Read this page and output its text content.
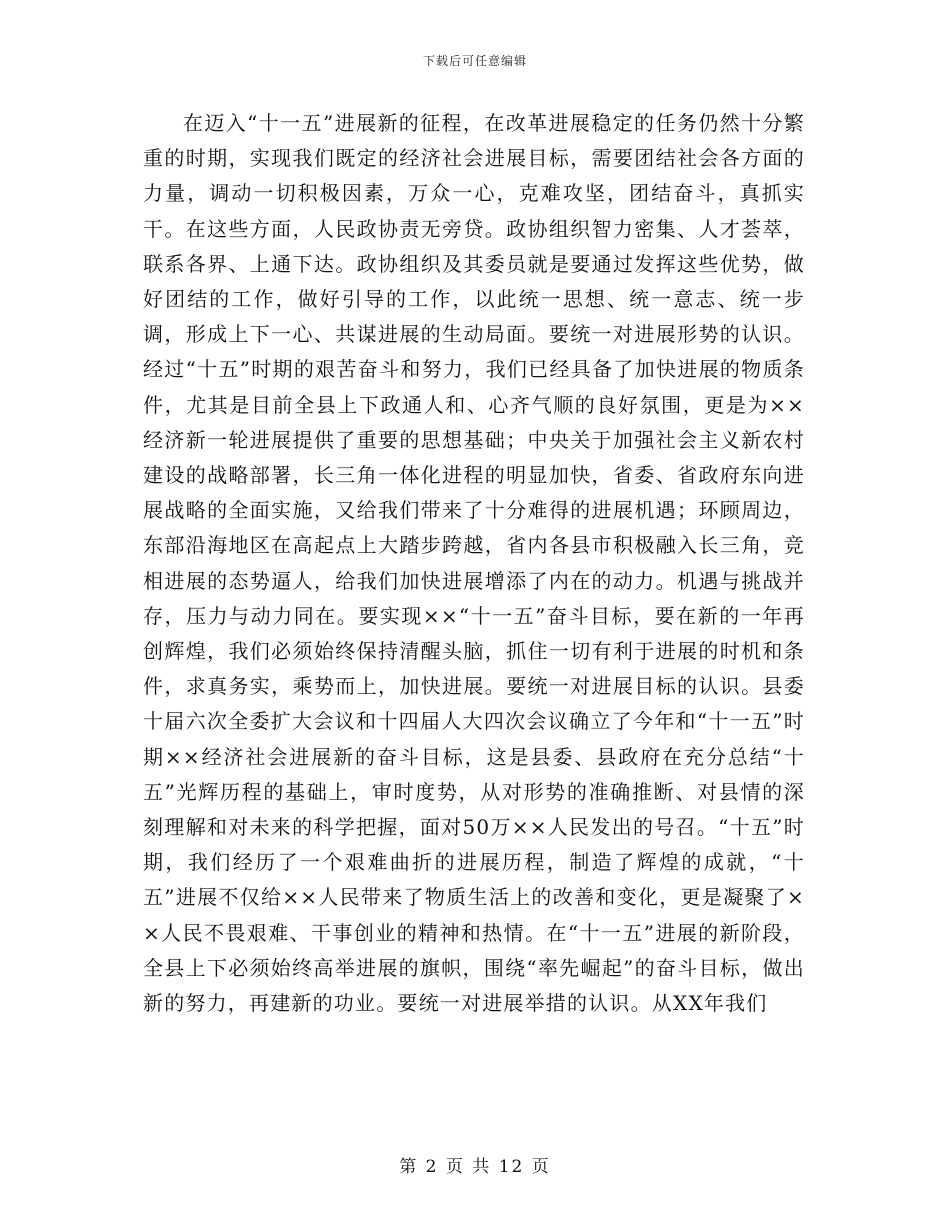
下载后可任意编辑

在迈入“十一五”进展新的征程，在改革进展稳定的任务仍然十分繁重的时期，实现我们既定的经济社会进展目标，需要团结社会各方面的力量，调动一切积极因素，万众一心，克难攻坚，团结奋斗，真抓实干。在这些方面，人民政协责无旁贷。政协组织智力密集、人才荟萃，联系各界、上通下达。政协组织及其委员就是要通过发挥这些优势，做好团结的工作，做好引导的工作，以此统一思想、统一意志、统一步调，形成上下一心、共谋进展的生动局面。要统一对进展形势的认识。经过“十五”时期的艰苦奋斗和努力，我们已经具备了加快进展的物质条件，尤其是目前全县上下政通人和、心齐气顺的良好氛围，更是为××经济新一轮进展提供了重要的思想基础；中央关于加强社会主义新农村建设的战略部署，长三角一体化进程的明显加快，省委、省政府东向进展战略的全面实施，又给我们带来了十分难得的进展机遇；环顾周边，东部沿海地区在高起点上大踏步跨越，省内各县市积极融入长三角，竞相进展的态势逼人，给我们加快进展增添了内在的动力。机遇与挑战并存，压力与动力同在。要实现××“十一五”奋斗目标，要在新的一年再创辉煌，我们必须始终保持清醒头脑，抓住一切有利于进展的时机和条件，求真务实，乘势而上，加快进展。要统一对进展目标的认识。县委十届六次全委扩大会议和十四届人大四次会议确立了今年和“十一五”时期××经济社会进展新的奋斗目标，这是县委、县政府在充分总结“十五”光辉历程的基础上，审时度势，从对形势的准确推断、对县情的深刻理解和对未来的科学把握，面对50万××人民发出的号召。“十五”时期，我们经历了一个艰难曲折的进展历程，制造了辉煌的成就，“十五”进展不仅给××人民带来了物质生活上的改善和变化，更是凝聚了××人民不畏艰难、干事创业的精神和热情。在“十一五”进展的新阶段，全县上下必须始终高举进展的旗帜，围绕“率先崛起”的奋斗目标，做出新的努力，再建新的功业。要统一对进展举措的认识。从XX年我们

第 2 页 共 12 页
